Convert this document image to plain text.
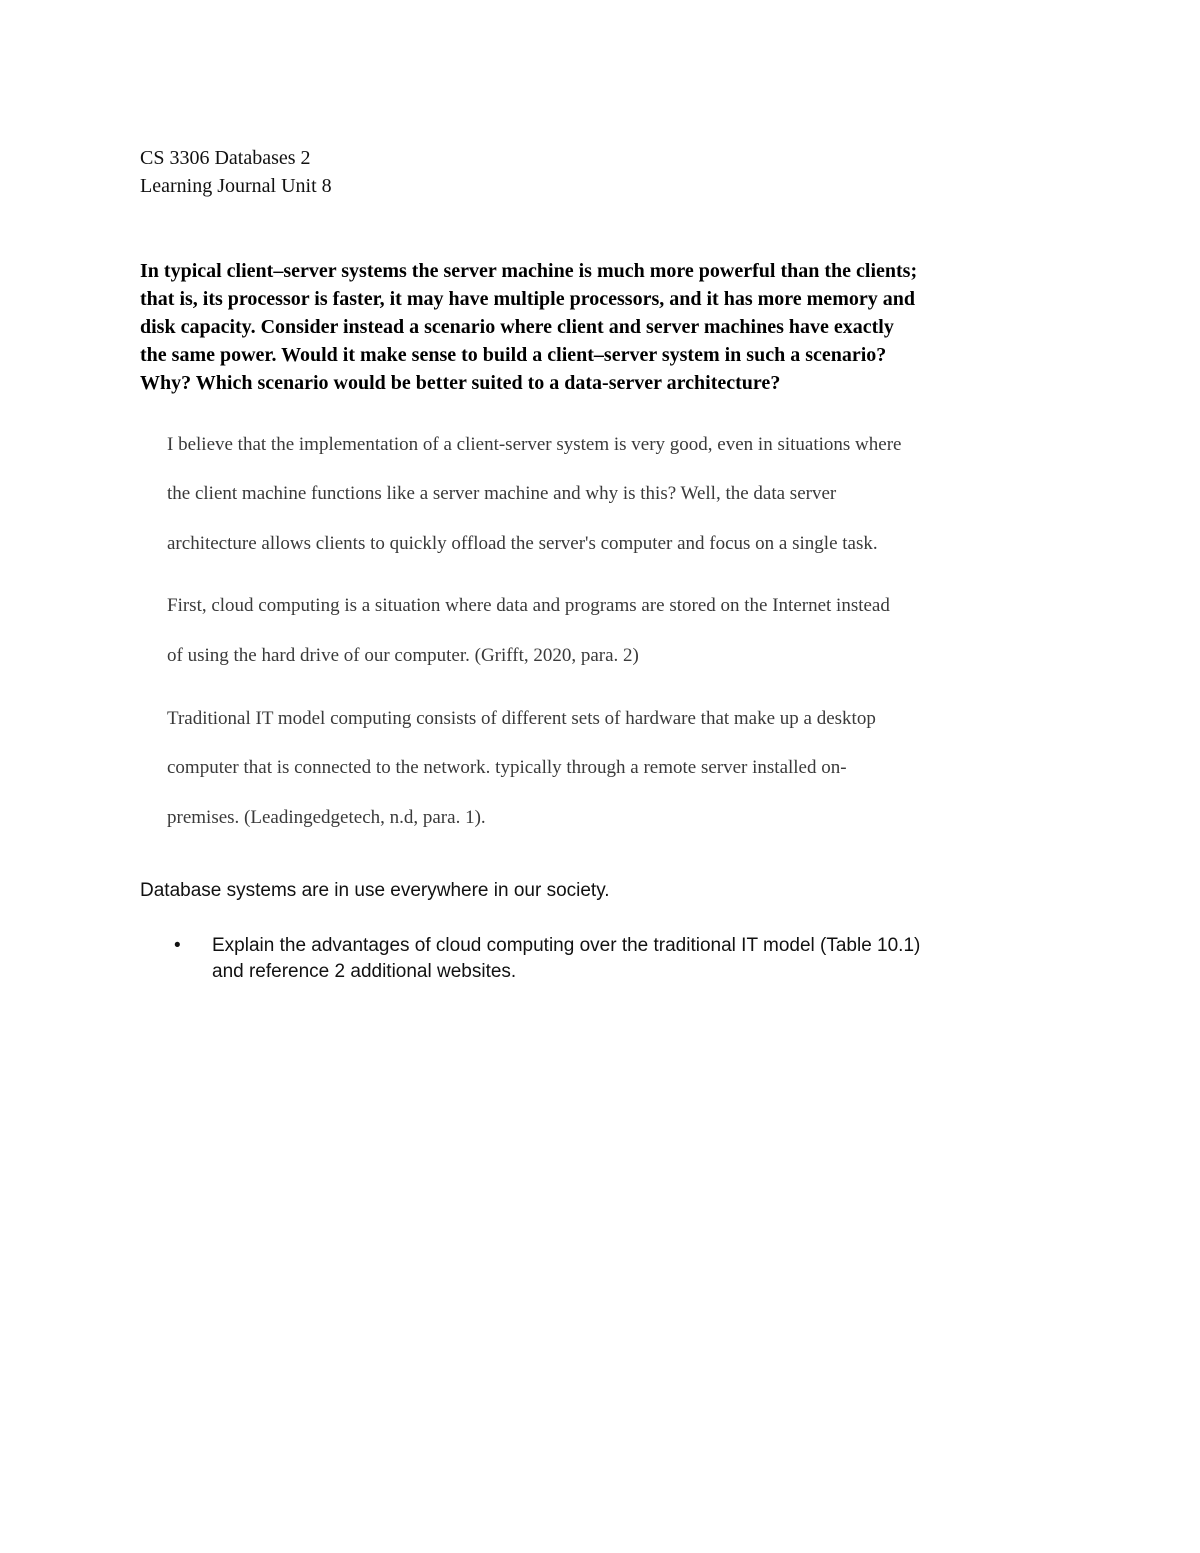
CS 3306 Databases 2
Learning Journal Unit 8
In typical client–server systems the server machine is much more powerful than the clients;
that is, its processor is faster, it may have multiple processors, and it has more memory and
disk capacity. Consider instead a scenario where client and server machines have exactly
the same power. Would it make sense to build a client–server system in such a scenario?
Why? Which scenario would be better suited to a data-server architecture?
I believe that the implementation of a client-server system is very good, even in situations where
the client machine functions like a server machine and why is this? Well, the data server
architecture allows clients to quickly offload the server's computer and focus on a single task.
First, cloud computing is a situation where data and programs are stored on the Internet instead
of using the hard drive of our computer. (Grifft, 2020, para. 2)
Traditional IT model computing consists of different sets of hardware that make up a desktop
computer that is connected to the network. typically through a remote server installed on-
premises. (Leadingedgetech, n.d, para. 1).
Database systems are in use everywhere in our society.
•	Explain the advantages of cloud computing over the traditional IT model (Table 10.1)
and reference 2 additional websites.
